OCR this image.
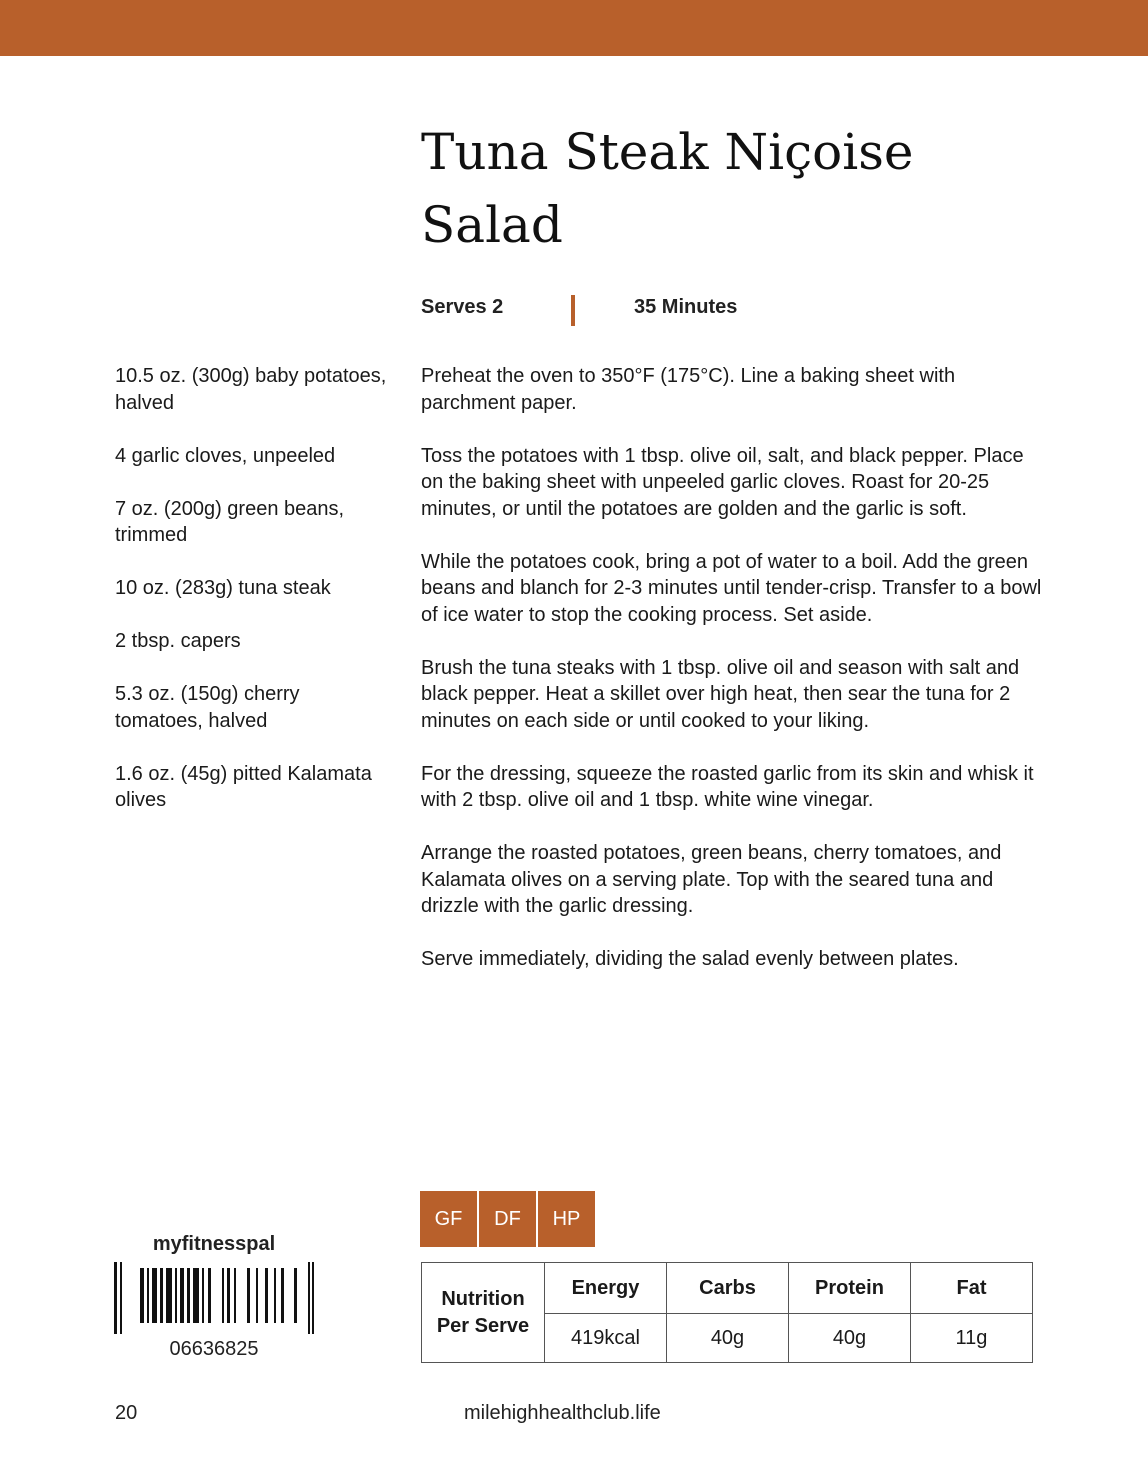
Tuna Steak Niçoise
Salad
Serves 2	35 Minutes
10.5 oz. (300g) baby potatoes, halved
4 garlic cloves, unpeeled
7 oz. (200g) green beans, trimmed
10 oz. (283g) tuna steak
2 tbsp. capers
5.3 oz. (150g) cherry tomatoes, halved
1.6 oz. (45g) pitted Kalamata olives
Preheat the oven to 350°F (175°C). Line a baking sheet with parchment paper.
Toss the potatoes with 1 tbsp. olive oil, salt, and black pepper. Place on the baking sheet with unpeeled garlic cloves. Roast for 20-25 minutes, or until the potatoes are golden and the garlic is soft.
While the potatoes cook, bring a pot of water to a boil. Add the green beans and blanch for 2-3 minutes until tender-crisp. Transfer to a bowl of ice water to stop the cooking process. Set aside.
Brush the tuna steaks with 1 tbsp. olive oil and season with salt and black pepper. Heat a skillet over high heat, then sear the tuna for 2 minutes on each side or until cooked to your liking.
For the dressing, squeeze the roasted garlic from its skin and whisk it with 2 tbsp. olive oil and 1 tbsp. white wine vinegar.
Arrange the roasted potatoes, green beans, cherry tomatoes, and Kalamata olives on a serving plate. Top with the seared tuna and drizzle with the garlic dressing.
Serve immediately, dividing the salad evenly between plates.
GF	DF	HP
Nutrition
Per Serve	Energy	Carbs	Protein	Fat
	419kcal	40g	40g	11g
myfitnesspal
06636825
20	milehighhealthclub.life
